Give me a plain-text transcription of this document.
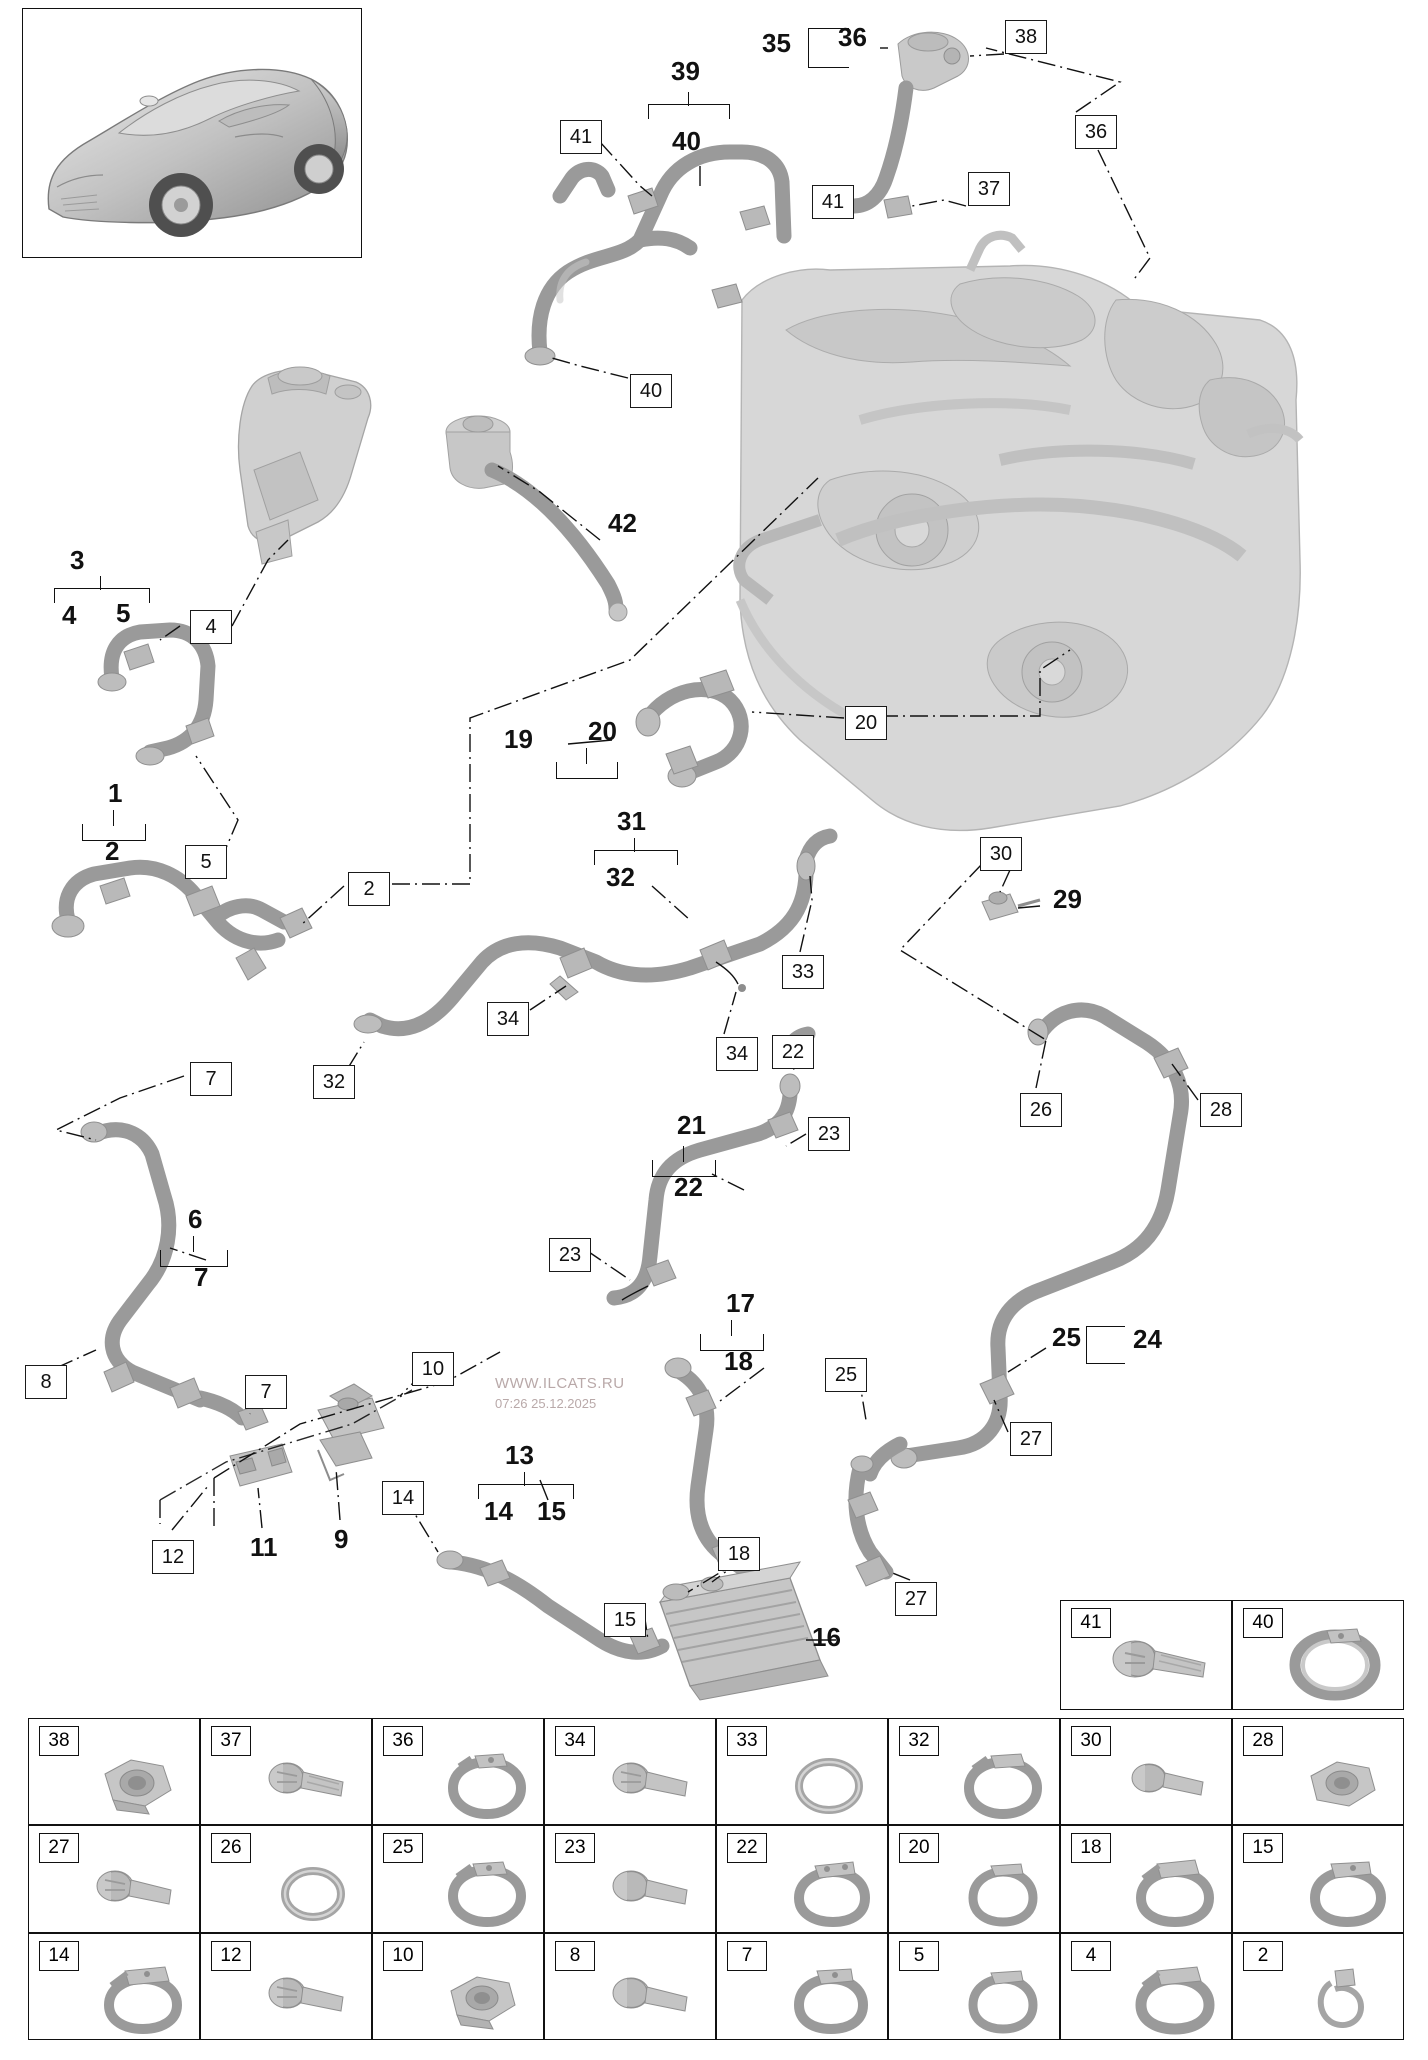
3
4 5
1
2
6
7
9
11
13
14 15
16
17
18
19 20
21
22
24
25
29
31
32
35 36
39
40
42
41
41
37
38
36
40
4
5
2
20
30
33
34
34	22
23
23
26	28
25
27
27
18
15
14
10
12
8
7
7
32
WWW.ILCATS.RU
07:26 25.12.2025
41	40
38	37	36	34	33	32	30	28
27	26	25	23	22	20	18	15
14	12	10	8	7	5	4	2
